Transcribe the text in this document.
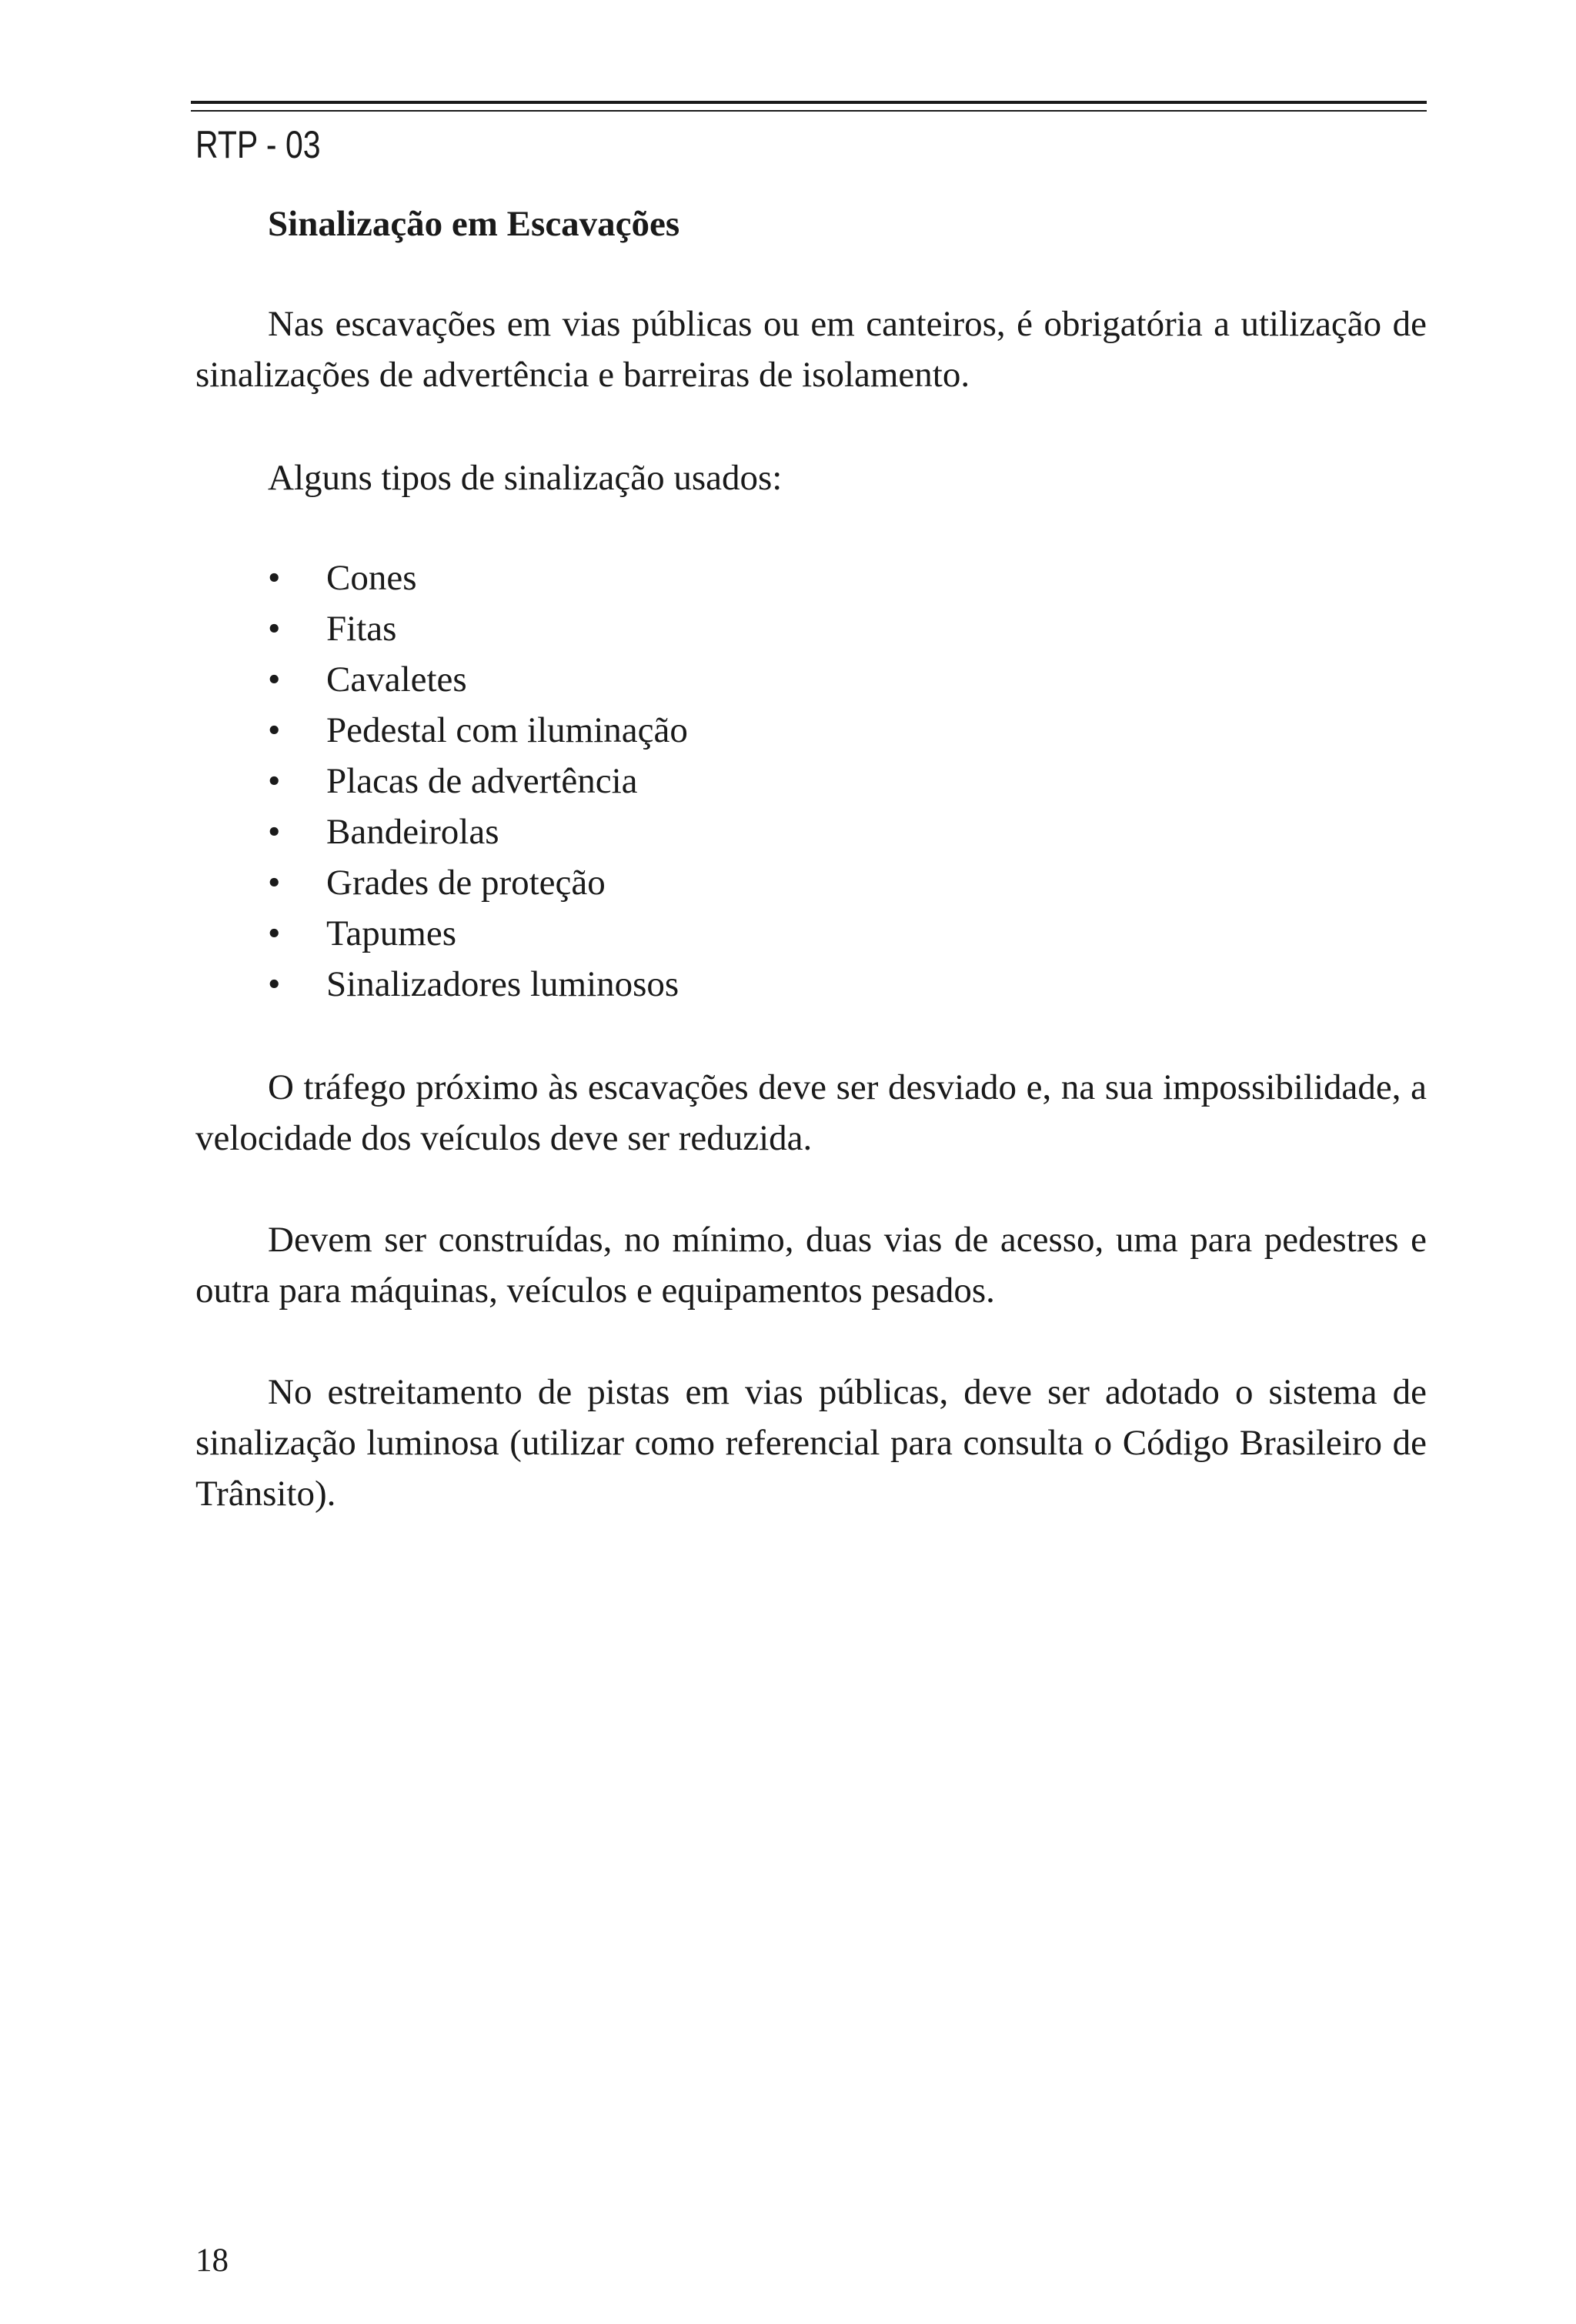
RTP - 03
Sinalização em Escavações

Nas escavações em vias públicas ou em canteiros, é obrigatória a utilização de sinalizações de advertência e barreiras de isolamento.

Alguns tipos de sinalização usados:

• Cones
• Fitas
• Cavaletes
• Pedestal com iluminação
• Placas de advertência
• Bandeirolas
• Grades de proteção
• Tapumes
• Sinalizadores luminosos

O tráfego próximo às escavações deve ser desviado e, na sua impossibilidade, a velocidade dos veículos deve ser reduzida.

Devem ser construídas, no mínimo, duas vias de acesso, uma para pedestres e outra para máquinas, veículos e equipamentos pesados.

No estreitamento de pistas em vias públicas, deve ser adotado o sistema de sinalização luminosa (utilizar como referencial para consulta o Código Brasileiro de Trânsito).

18
